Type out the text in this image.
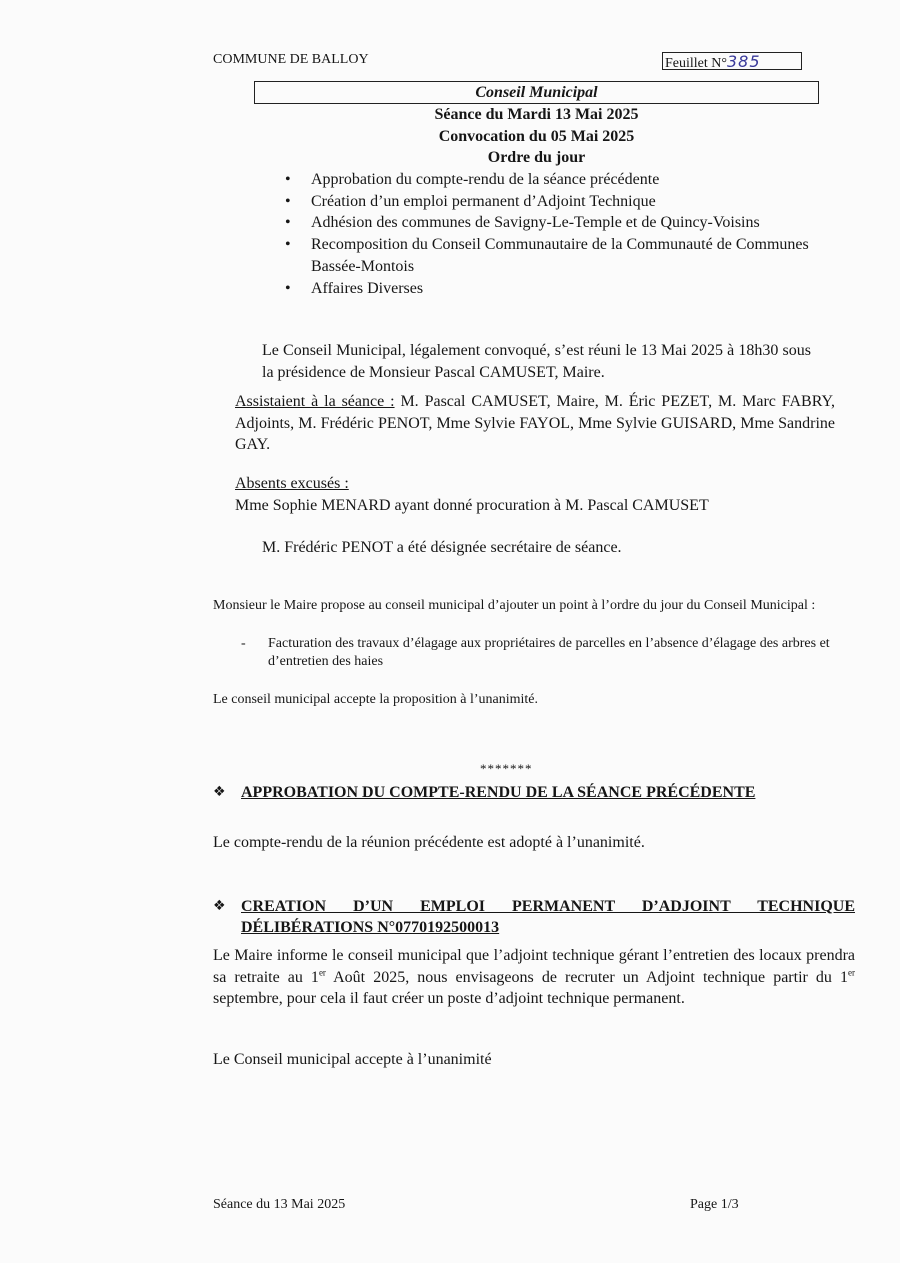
COMMUNE DE BALLOY	Feuillet N°385
Conseil Municipal
Séance du Mardi 13 Mai 2025
Convocation du 05 Mai 2025
Ordre du jour
• Approbation du compte-rendu de la séance précédente
• Création d’un emploi permanent d’Adjoint Technique
• Adhésion des communes de Savigny-Le-Temple et de Quincy-Voisins
• Recomposition du Conseil Communautaire de la Communauté de Communes Bassée-Montois
• Affaires Diverses
Le Conseil Municipal, légalement convoqué, s’est réuni le 13 Mai 2025 à 18h30 sous la présidence de Monsieur Pascal CAMUSET, Maire.
Assistaient à la séance : M. Pascal CAMUSET, Maire, M. Éric PEZET, M. Marc FABRY, Adjoints, M. Frédéric PENOT, Mme Sylvie FAYOL, Mme Sylvie GUISARD, Mme Sandrine GAY.
Absents excusés :
Mme Sophie MENARD ayant donné procuration à M. Pascal CAMUSET
M. Frédéric PENOT a été désignée secrétaire de séance.
Monsieur le Maire propose au conseil municipal d’ajouter un point à l’ordre du jour du Conseil Municipal :
- Facturation des travaux d’élagage aux propriétaires de parcelles en l’absence d’élagage des arbres et d’entretien des haies
Le conseil municipal accepte la proposition à l’unanimité.
*******
❖ APPROBATION DU COMPTE-RENDU DE LA SÉANCE PRÉCÉDENTE
Le compte-rendu de la réunion précédente est adopté à l’unanimité.
❖ CREATION D’UN EMPLOI PERMANENT D’ADJOINT TECHNIQUE
DÉLIBÉRATIONS N°0770192500013
Le Maire informe le conseil municipal que l’adjoint technique gérant l’entretien des locaux prendra sa retraite au 1er Août 2025, nous envisageons de recruter un Adjoint technique partir du 1er septembre, pour cela il faut créer un poste d’adjoint technique permanent.
Le Conseil municipal accepte à l’unanimité
Séance du 13 Mai 2025	Page 1/3
